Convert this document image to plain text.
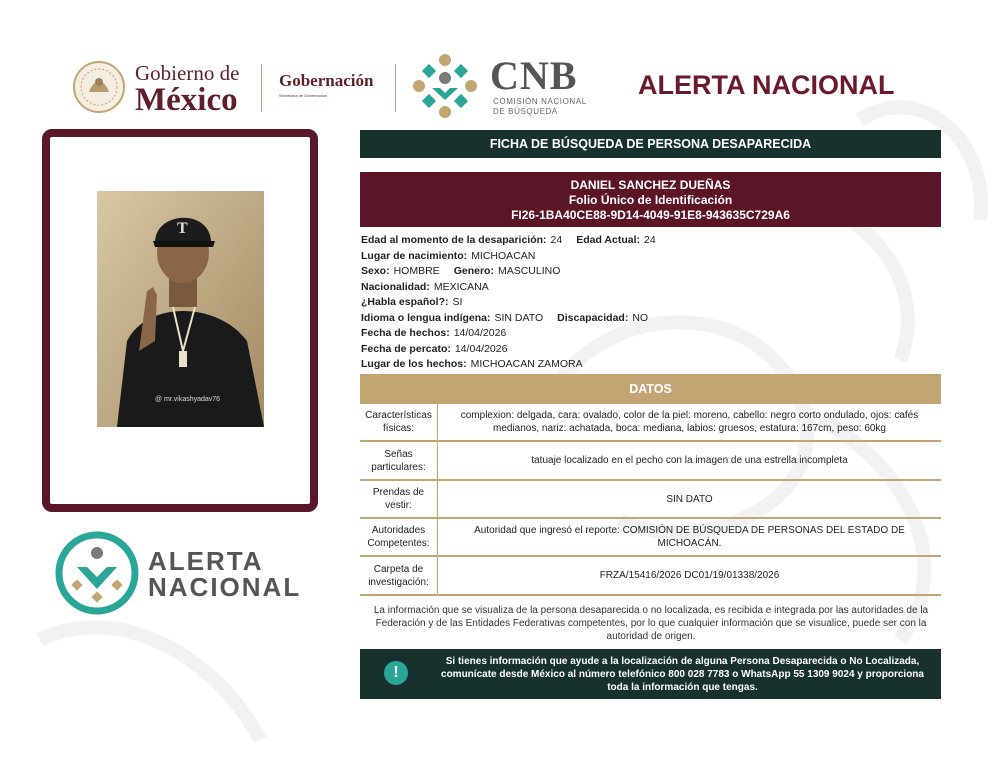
Gobierno de
México
Gobernación
Secretaría de Gobernación	CNB
COMISIÓN NACIONAL
DE BÚSQUEDA
ALERTA NACIONAL
T
@ mr.vikashyadav76
ALERTA
NACIONAL
FICHA DE BÚSQUEDA DE PERSONA DESAPARECIDA
DANIEL SANCHEZ DUEÑAS
Folio Único de Identificación
FI26-1BA40CE88-9D14-4049-91E8-943635C729A6
Edad al momento de la desaparición: 24 Edad Actual: 24
Lugar de nacimiento: MICHOACAN
Sexo: HOMBRE Genero: MASCULINO
Nacionalidad: MEXICANA
¿Habla español?: SI
Idioma o lengua indígena: SIN DATO Discapacidad: NO
Fecha de hechos: 14/04/2026
Fecha de percato: 14/04/2026
Lugar de los hechos: MICHOACAN ZAMORA
DATOS
Características físicas:
complexion: delgada, cara: ovalado, color de la piel: moreno, cabello: negro corto ondulado, ojos: cafés medianos, nariz: achatada, boca: mediana, labios: gruesos, estatura: 167cm, peso: 60kg
Señas particulares:
tatuaje localizado en el pecho con la imagen de una estrella incompleta
Prendas de vestir:
SIN DATO
Autoridades Competentes:
Autoridad que ingresó el reporte: COMISIÓN DE BÚSQUEDA DE PERSONAS DEL ESTADO DE MICHOACÁN.
Carpeta de investigación:
FRZA/15416/2026 DC01/19/01338/2026
La información que se visualiza de la persona desaparecida o no localizada, es recibida e integrada por las autoridades de la Federación y de las Entidades Federativas competentes, por lo que cualquier información que se visualice, puede ser con la autoridad de origen.
!
Si tienes información que ayude a la localización de alguna Persona Desaparecida o No Localizada, comunícate desde México al número telefónico 800 028 7783 o WhatsApp 55 1309 9024 y proporciona toda la información que tengas.
